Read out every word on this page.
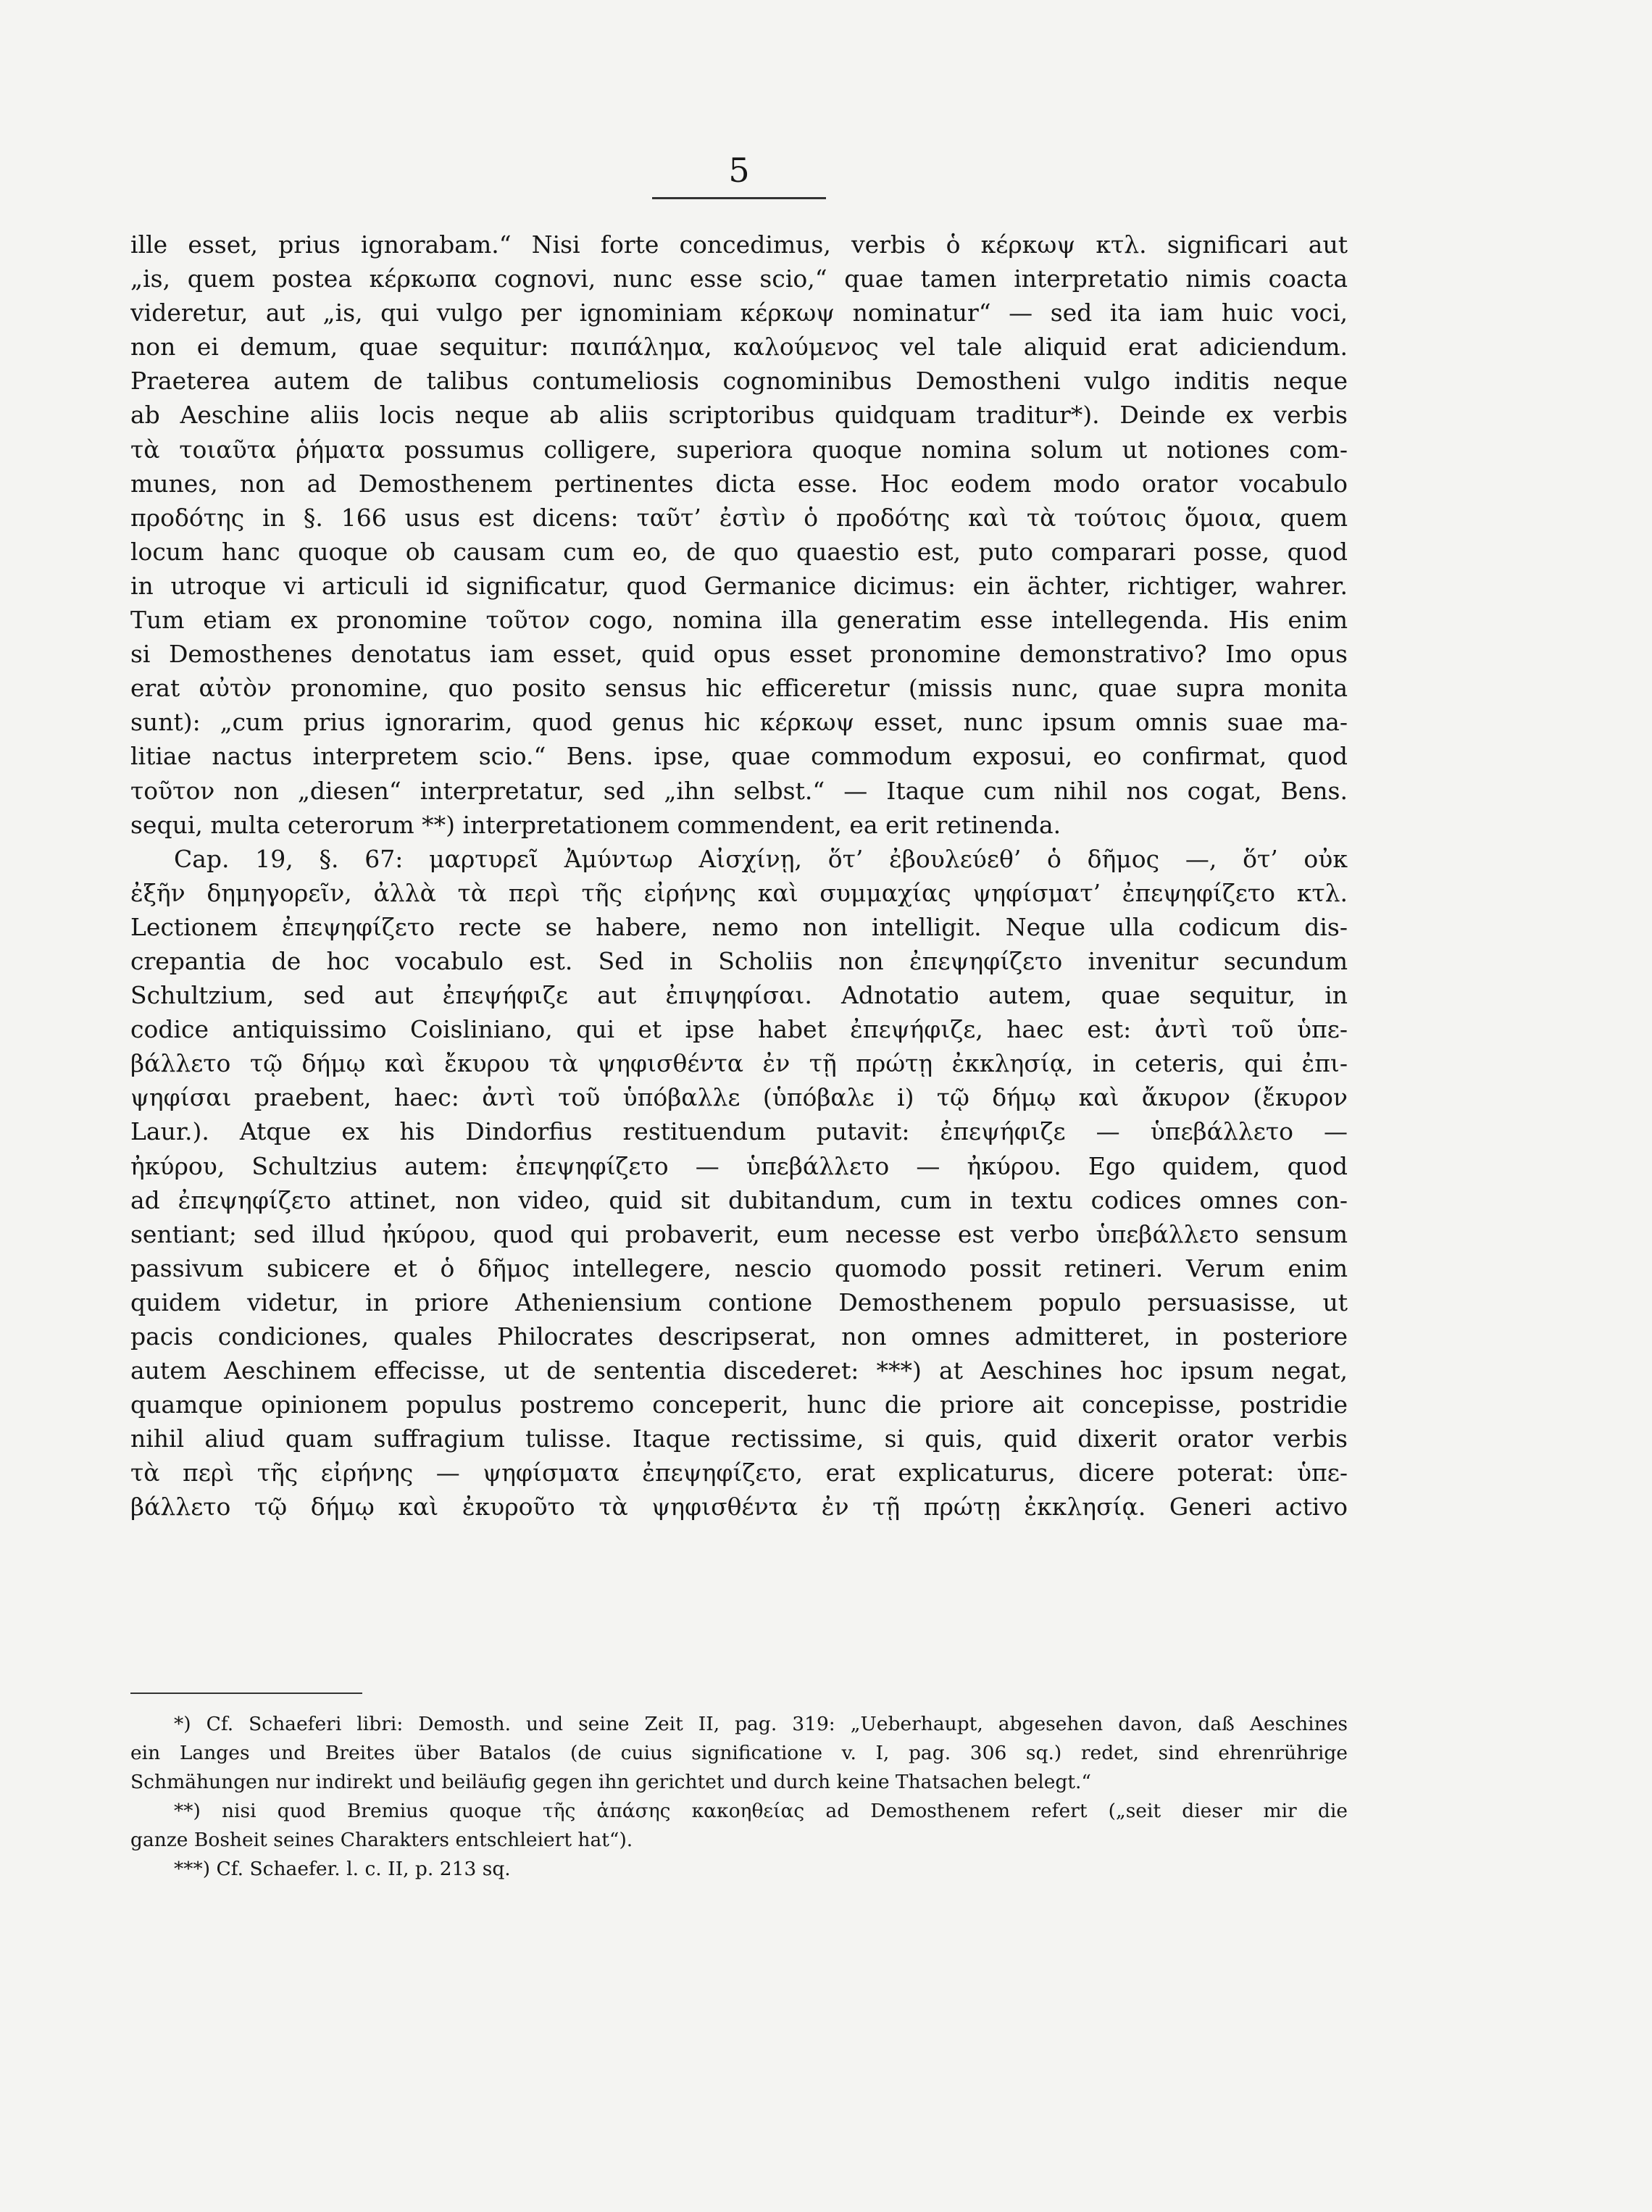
5
ille esset, prius ignorabam.“ Nisi forte concedimus, verbis ὁ κέρκωψ κτλ. significari aut
„is, quem postea κέρκωπα cognovi, nunc esse scio,“ quae tamen interpretatio nimis coacta
videretur, aut „is, qui vulgo per ignominiam κέρκωψ nominatur“ — sed ita iam huic voci,
non ei demum, quae sequitur: παιπάλημα, καλούμενος vel tale aliquid erat adiciendum.
Praeterea autem de talibus contumeliosis cognominibus Demostheni vulgo inditis neque
ab Aeschine aliis locis neque ab aliis scriptoribus quidquam traditur*). Deinde ex verbis
τὰ τοιαῦτα ῥήματα possumus colligere, superiora quoque nomina solum ut notiones com-
munes, non ad Demosthenem pertinentes dicta esse. Hoc eodem modo orator vocabulo
προδότης in §. 166 usus est dicens: ταῦτ’ ἐστὶν ὁ προδότης καὶ τὰ τούτοις ὅμοια, quem
locum hanc quoque ob causam cum eo, de quo quaestio est, puto comparari posse, quod
in utroque vi articuli id significatur, quod Germanice dicimus: ein ächter, richtiger, wahrer.
Tum etiam ex pronomine τοῦτον cogo, nomina illa generatim esse intellegenda. His enim
si Demosthenes denotatus iam esset, quid opus esset pronomine demonstrativo? Imo opus
erat αὐτὸν pronomine, quo posito sensus hic efficeretur (missis nunc, quae supra monita
sunt): „cum prius ignorarim, quod genus hic κέρκωψ esset, nunc ipsum omnis suae ma-
litiae nactus interpretem scio.“ Bens. ipse, quae commodum exposui, eo confirmat, quod
τοῦτον non „diesen“ interpretatur, sed „ihn selbst.“ — Itaque cum nihil nos cogat, Bens.
sequi, multa ceterorum **) interpretationem commendent, ea erit retinenda.
Cap. 19, §. 67: μαρτυρεῖ Ἀμύντωρ Αἰσχίνῃ, ὅτ’ ἐβουλεύεθ’ ὁ δῆμος —, ὅτ’ οὐκ
ἐξῆν δημηγορεῖν, ἀλλὰ τὰ περὶ τῆς εἰρήνης καὶ συμμαχίας ψηφίσματ’ ἐπεψηφίζετο κτλ.
Lectionem ἐπεψηφίζετο recte se habere, nemo non intelligit. Neque ulla codicum dis-
crepantia de hoc vocabulo est. Sed in Scholiis non ἐπεψηφίζετο invenitur secundum
Schultzium, sed aut ἐπεψήφιζε aut ἐπιψηφίσαι. Adnotatio autem, quae sequitur, in
codice antiquissimo Coisliniano, qui et ipse habet ἐπεψήφιζε, haec est: ἀντὶ τοῦ ὑπε-
βάλλετο τῷ δήμῳ καὶ ἔκυρου τὰ ψηφισθέντα ἐν τῇ πρώτῃ ἐκκλησίᾳ, in ceteris, qui ἐπι-
ψηφίσαι praebent, haec: ἀντὶ τοῦ ὑπόβαλλε (ὑπόβαλε i) τῷ δήμῳ καὶ ἄκυρον (ἔκυρον
Laur.). Atque ex his Dindorfius restituendum putavit: ἐπεψήφιζε — ὑπεβάλλετο —
ἠκύρου, Schultzius autem: ἐπεψηφίζετο — ὑπεβάλλετο — ἠκύρου. Ego quidem, quod
ad ἐπεψηφίζετο attinet, non video, quid sit dubitandum, cum in textu codices omnes con-
sentiant; sed illud ἠκύρου, quod qui probaverit, eum necesse est verbo ὑπεβάλλετο sensum
passivum subicere et ὁ δῆμος intellegere, nescio quomodo possit retineri. Verum enim
quidem videtur, in priore Atheniensium contione Demosthenem populo persuasisse, ut
pacis condiciones, quales Philocrates descripserat, non omnes admitteret, in posteriore
autem Aeschinem effecisse, ut de sententia discederet: ***) at Aeschines hoc ipsum negat,
quamque opinionem populus postremo conceperit, hunc die priore ait concepisse, postridie
nihil aliud quam suffragium tulisse. Itaque rectissime, si quis, quid dixerit orator verbis
τὰ περὶ τῆς εἰρήνης — ψηφίσματα ἐπεψηφίζετο, erat explicaturus, dicere poterat: ὑπε-
βάλλετο τῷ δήμῳ καὶ ἐκυροῦτο τὰ ψηφισθέντα ἐν τῇ πρώτῃ ἐκκλησίᾳ. Generi activo
*) Cf. Schaeferi libri: Demosth. und seine Zeit II, pag. 319: „Ueberhaupt, abgesehen davon, daß Aeschines
ein Langes und Breites über Batalos (de cuius significatione v. I, pag. 306 sq.) redet, sind ehrenrührige
Schmähungen nur indirekt und beiläufig gegen ihn gerichtet und durch keine Thatsachen belegt.“
**) nisi quod Bremius quoque τῆς ἁπάσης κακοηθείας ad Demosthenem refert („seit dieser mir die
ganze Bosheit seines Charakters entschleiert hat“).
***) Cf. Schaefer. l. c. II, p. 213 sq.
